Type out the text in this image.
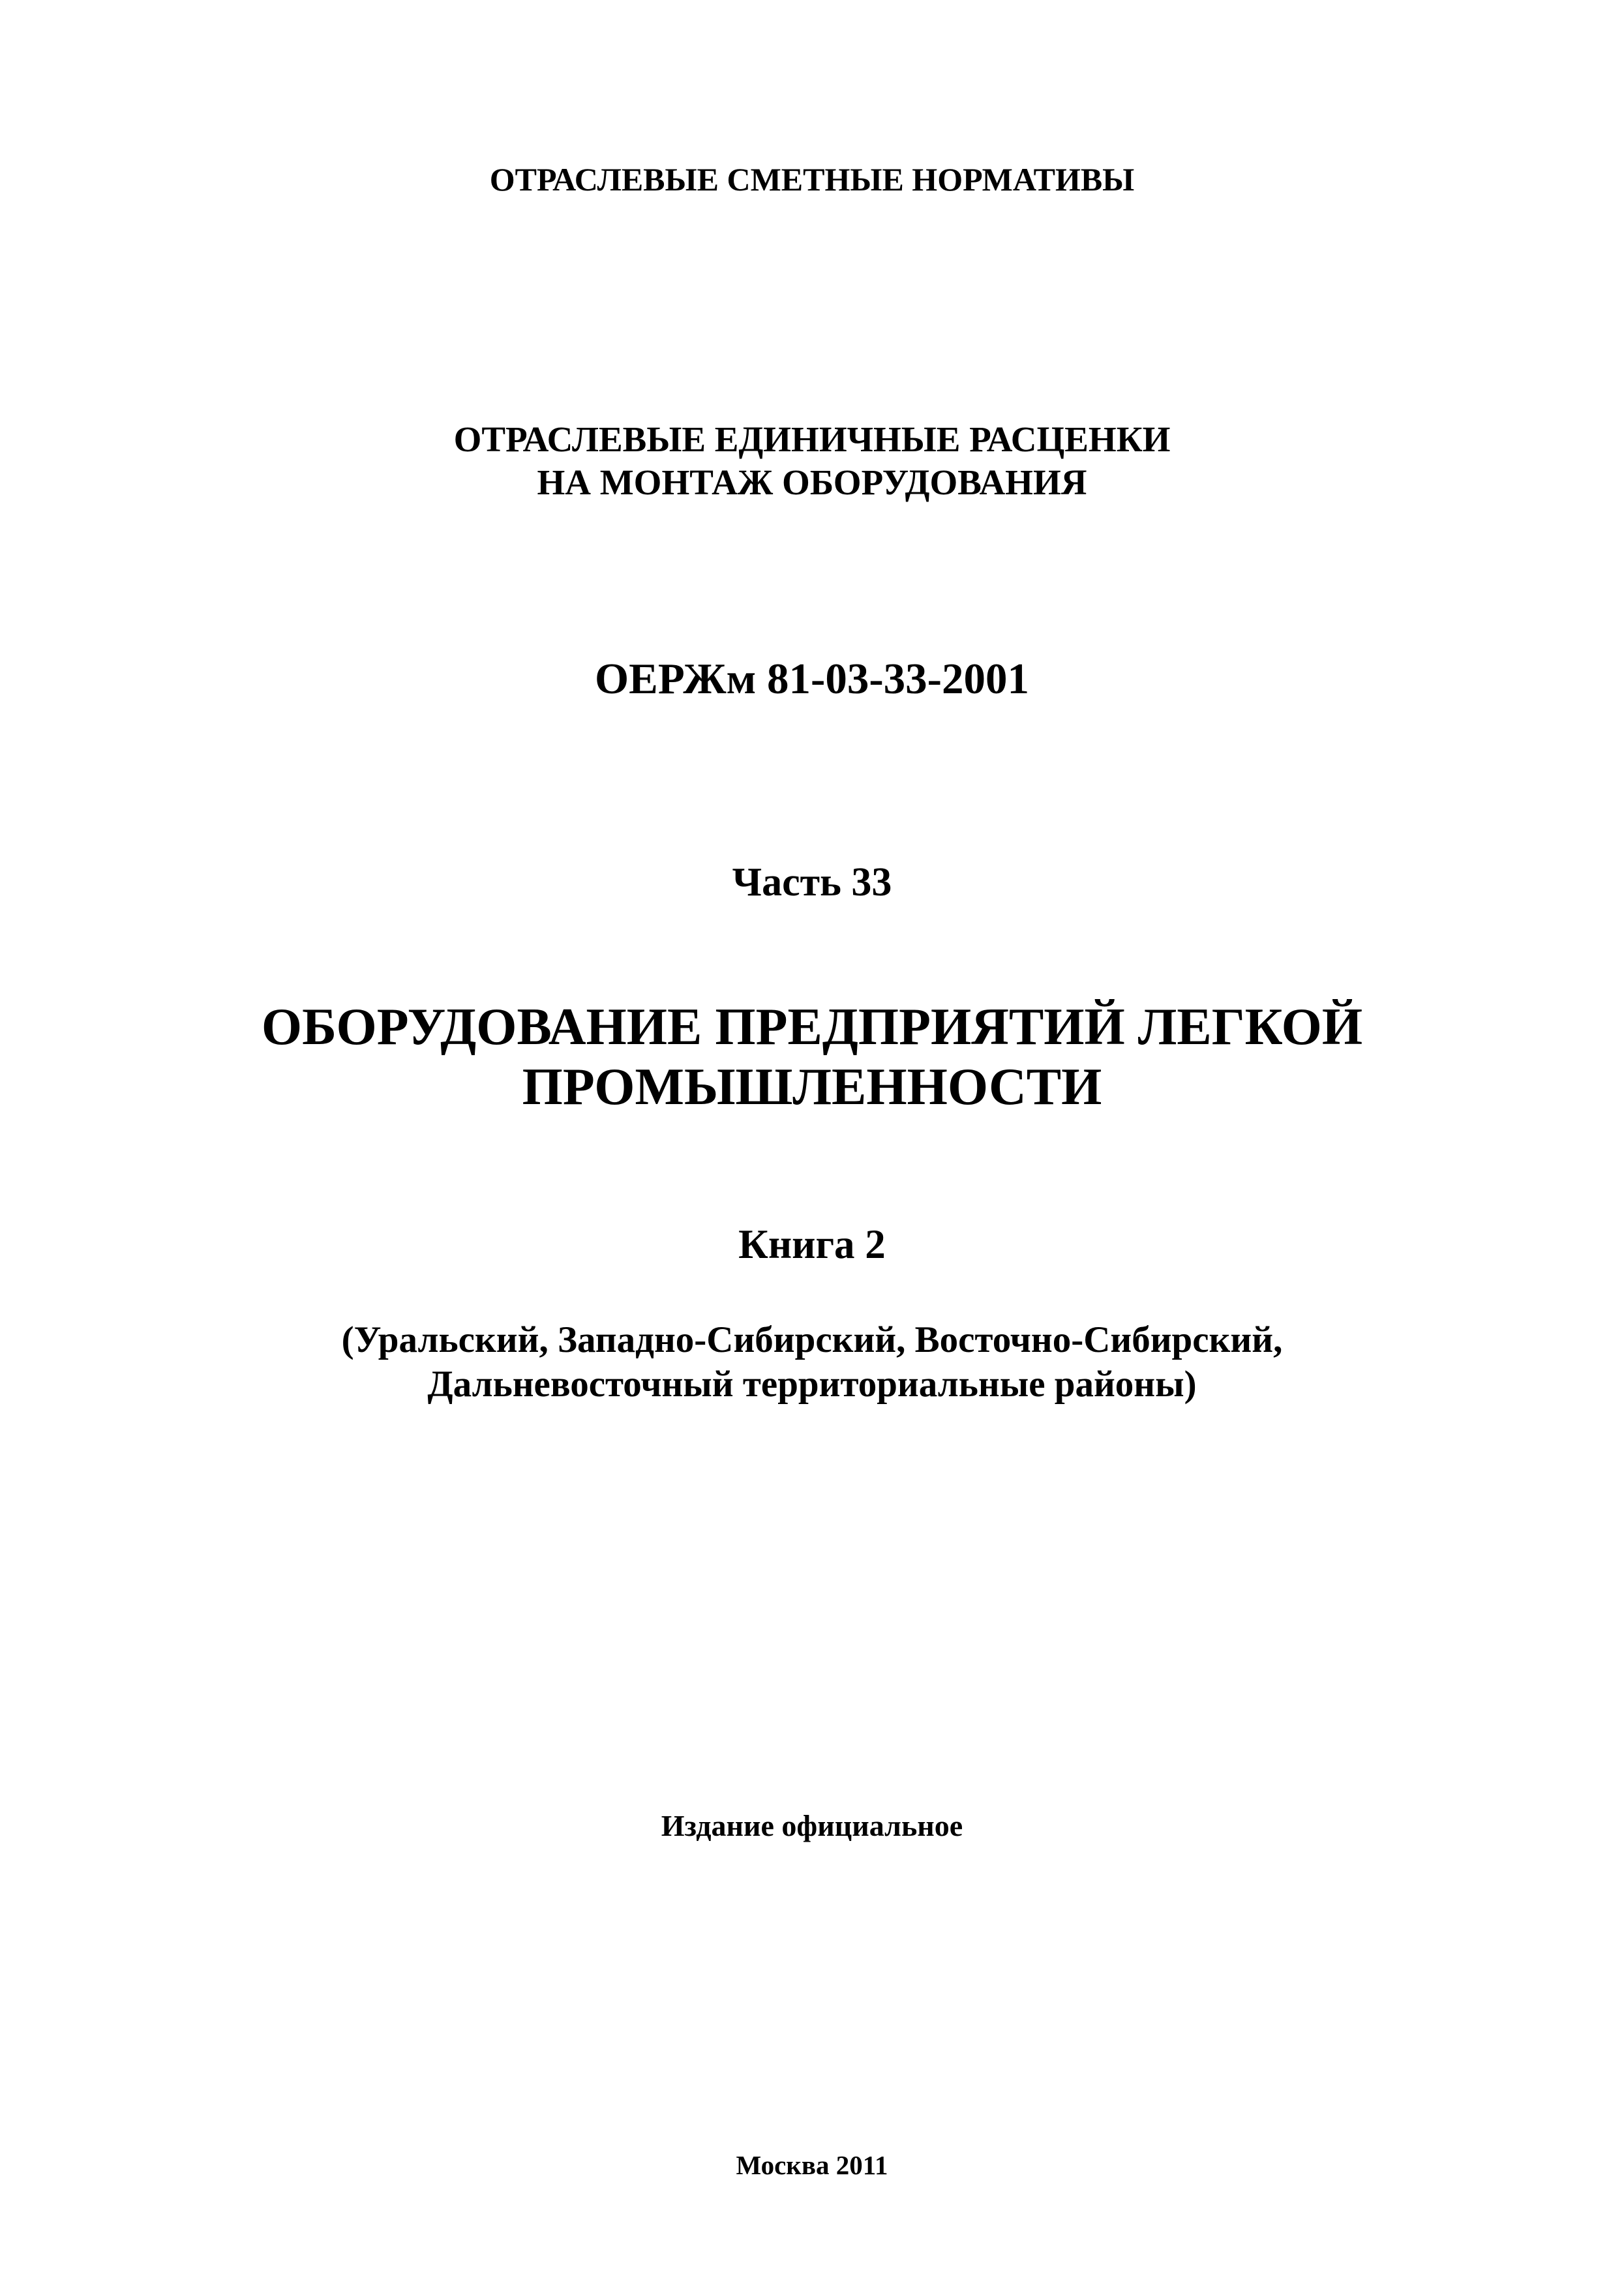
ОТРАСЛЕВЫЕ СМЕТНЫЕ НОРМАТИВЫ
ОТРАСЛЕВЫЕ ЕДИНИЧНЫЕ РАСЦЕНКИ
НА МОНТАЖ ОБОРУДОВАНИЯ
ОЕРЖм 81-03-33-2001
Часть 33
ОБОРУДОВАНИЕ ПРЕДПРИЯТИЙ ЛЕГКОЙ
ПРОМЫШЛЕННОСТИ
Книга 2
(Уральский, Западно-Сибирский, Восточно-Сибирский,
Дальневосточный территориальные районы)
Издание официальное
Москва 2011
